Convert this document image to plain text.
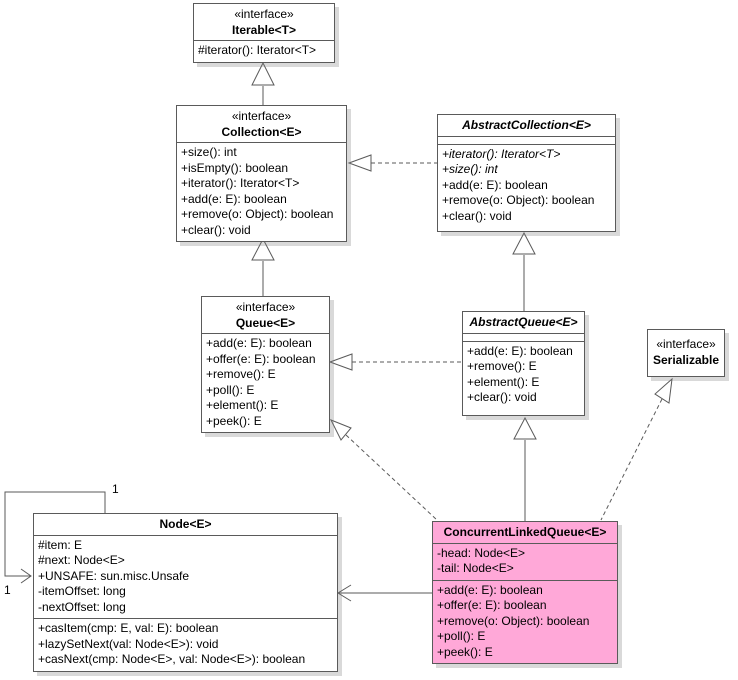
«interface»
Iterable<T>
#iterator(): Iterator<T>
«interface»
Collection<E>
+size(): int
+isEmpty(): boolean
+iterator(): Iterator<T>
+add(e: E): boolean
+remove(o: Object): boolean
+clear(): void
AbstractCollection<E>
+iterator(): Iterator<T>
+size(): int
+add(e: E): boolean
+remove(o: Object): boolean
+clear(): void
«interface»
Queue<E>
+add(e: E): boolean
+offer(e: E): boolean
+remove(): E
+poll(): E
+element(): E
+peek(): E
AbstractQueue<E>
+add(e: E): boolean
+remove(): E
+element(): E
+clear(): void
«interface»
Serializable
Node<E>
#item: E
#next: Node<E>
+UNSAFE: sun.misc.Unsafe
-itemOffset: long
-nextOffset: long
+casItem(cmp: E, val: E): boolean
+lazySetNext(val: Node<E>): void
+casNext(cmp: Node<E>, val: Node<E>): boolean
ConcurrentLinkedQueue<E>
-head: Node<E>
-tail: Node<E>
+add(e: E): boolean
+offer(e: E): boolean
+remove(o: Object): boolean
+poll(): E
+peek(): E
1
1
